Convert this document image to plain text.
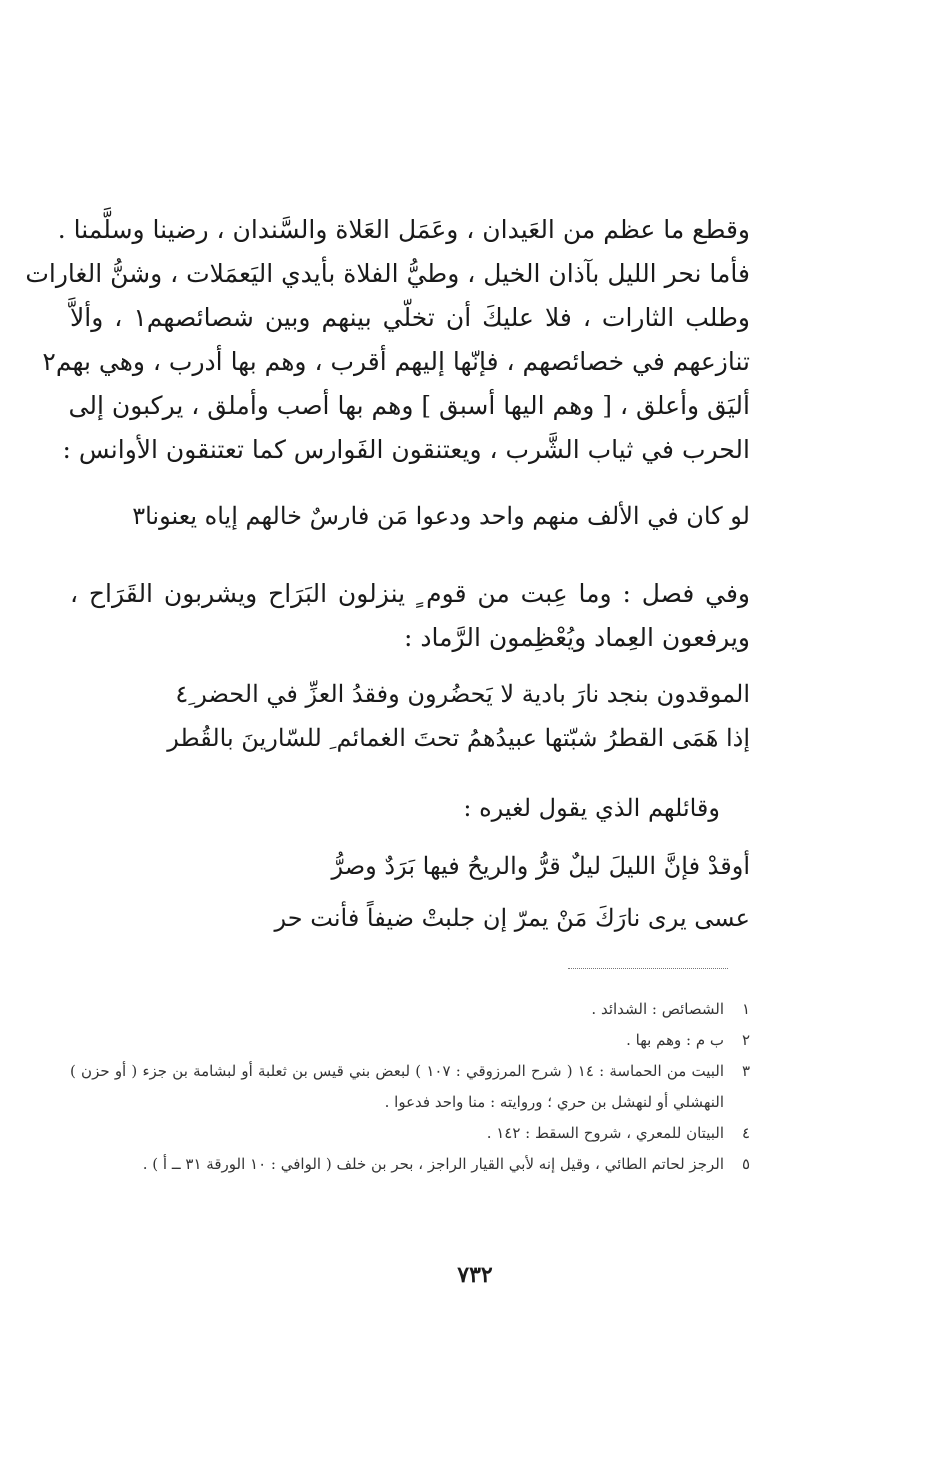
وقطع ما عظم من العَيدان ، وعَمَل العَلاة والسَّندان ، رضينا وسلَّمنا .
فأما نحر الليل بآذان الخيل ، وطيُّ الفلاة بأيدي اليَعمَلات ، وشنُّ الغارات
وطلب الثارات ، فلا عليكَ أن تخلّي بينهم وبين شصائصهم١ ، وألاَّ
تنازعهم في خصائصهم ، فإنّها إليهم أقرب ، وهم بها أدرب ، وهي بهم٢
أليَق وأعلق ، [ وهم اليها أسبق ] وهم بها أصب وأملق ، يركبون إلى
الحرب في ثياب الشَّرب ، ويعتنقون الفَوارس كما تعتنقون الأوانس :
لو كان في الألف منهم واحد ودعوا مَن فارسٌ خالهم إياه يعنونا٣
وفي فصل : وما عِبت من قوم ٍ ينزلون البَرَاح ويشربون القَرَاح ،
ويرفعون العِماد ويُعْظِمون الرَّماد :
الموقدون بنجد نارَ بادية لا يَحضُرون وفقدُ العزِّ في الحضر ِ٤
إذا هَمَى القطرُ شبّتها عبيدُهمُ تحتَ الغمائم ِ للسّارينَ بالقُطر
وقائلهم الذي يقول لغيره :
أوقدْ فإنَّ الليلَ ليلٌ قرُّ والريحُ فيها بَرَدٌ وصرُّ
عسى يرى نارَكَ مَنْ يمرّ إن جلبتْ ضيفاً فأنت حر
١
الشصائص : الشدائد .
٢
ب م : وهم بها .
٣
البيت من الحماسة : ١٤ ( شرح المرزوقي : ١٠٧ ) لبعض بني قيس بن ثعلبة أو لبشامة بن جزء ( أو حزن ) النهشلي أو لنهشل بن حري ؛ وروايته : منا واحد فدعوا .
٤
البيتان للمعري ، شروح السقط : ١٤٢ .
٥
الرجز لحاتم الطائي ، وقيل إنه لأبي القيار الراجز ، بحر بن خلف ( الوافي : ١٠ الورقة ٣١ ــ أ ) .
٧٣٢
